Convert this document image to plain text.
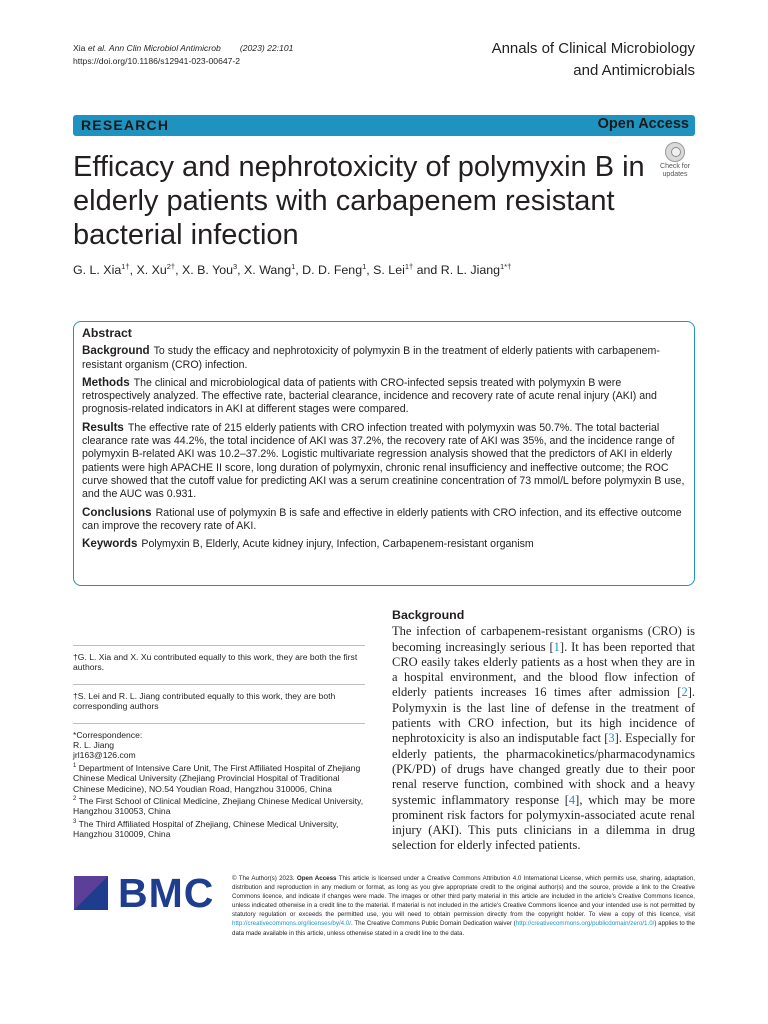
Xia et al. Ann Clin Microbiol Antimicrob (2023) 22:101
https://doi.org/10.1186/s12941-023-00647-2
Annals of Clinical Microbiology
and Antimicrobials
RESEARCH	Open Access
Efficacy and nephrotoxicity of polymyxin B in elderly patients with carbapenem resistant bacterial infection
Check for
updates
G. L. Xia$^{1\dagger}$, X. $Xu^{2\dagger}$, X. B. You$^3$, X. Wang$^1$, D. D. Feng$^1$, S. Lei$^{1\dagger}$ and R. L. Jiang$^{1*\dagger}$
Abstract

Background To study the efficacy and nephrotoxicity of polymyxin B in the treatment of elderly patients with carbapenem-resistant organism (CRO) infection.

Methods The clinical and microbiological data of patients with CRO-infected sepsis treated with polymyxin B were retrospectively analyzed. The effective rate, bacterial clearance, incidence and recovery rate of acute renal injury (AKI) and prognosis-related indicators in AKI at different stages were compared.

Results The effective rate of 215 elderly patients with CRO infection treated with polymyxin was 50.7%. The total bacterial clearance rate was 44.2%, the total incidence of AKI was 37.2%, the recovery rate of AKI was 35%, and the incidence range of polymyxin B-related AKI was 10.2–37.2%. Logistic multivariate regression analysis showed that the predictors of AKI in elderly patients were high APACHE II score, long duration of polymyxin, chronic renal insufficiency and ineffective outcome; the ROC curve showed that the cutoff value for predicting AKI was a serum creatinine concentration of 73 mmol/L before polymyxin B use, and the AUC was 0.931.

Conclusions Rational use of polymyxin B is safe and effective in elderly patients with CRO infection, and its effective outcome can improve the recovery rate of AKI.

Keywords Polymyxin B, Elderly, Acute kidney injury, Infection, Carbapenem-resistant organism

†G. L. Xia and X. Xu contributed equally to this work, they are both the first authors.
†S. Lei and R. L. Jiang contributed equally to this work, they are both corresponding authors
*Correspondence:
R. L. Jiang
jrl163@126.com
$^1$ Department of Intensive Care Unit, The First Affiliated Hospital of Zhejiang Chinese Medical University (Zhejiang Provincial Hospital of Traditional Chinese Medicine), NO.54 Youdian Road, Hangzhou 310006, China
$^2$ The First School of Clinical Medicine, Zhejiang Chinese Medical University, Hangzhou 310053, China
$^3$ The Third Affiliated Hospital of Zhejiang, Chinese Medical University, Hangzhou 310009, China
Background

The infection of carbapenem-resistant organisms (CRO) is becoming increasingly serious [1]. It has been reported that CRO easily takes elderly patients as a host when they are in a hospital environment, and the blood flow infection of elderly patients increases 16 times after admission [2]. Polymyxin is the last line of defense in the treatment of patients with CRO infection, but its high incidence of nephrotoxicity is also an indisputable fact [3]. Especially for elderly patients, the pharmacokinetics/pharmacodynamics (PK/PD) of drugs have changed greatly due to their poor renal reserve function, combined with shock and a heavy systemic inflammatory response [4], which may be more prominent risk factors for polymyxin-associated acute renal injury (AKI). This puts clinicians in a dilemma in drug selection for elderly infected patients.

BMC	© The Author(s) 2023. Open Access This article is licensed under a Creative Commons Attribution 4.0 International License, which permits use, sharing, adaptation, distribution and reproduction in any medium or format, as long as you give appropriate credit to the original author(s) and the source, provide a link to the Creative Commons licence, and indicate if changes were made. The images or other third party material in this article are included in the article's Creative Commons licence, unless indicated otherwise in a credit line to the material. If material is not included in the article's Creative Commons licence and your intended use is not permitted by statutory regulation or exceeds the permitted use, you will need to obtain permission directly from the copyright holder. To view a copy of this licence, visit http://creativecommons.org/licenses/by/4.0/. The Creative Commons Public Domain Dedication waiver (http://creativecommons.org/publicdomain/zero/1.0/) applies to the data made available in this article, unless otherwise stated in a credit line to the data.
